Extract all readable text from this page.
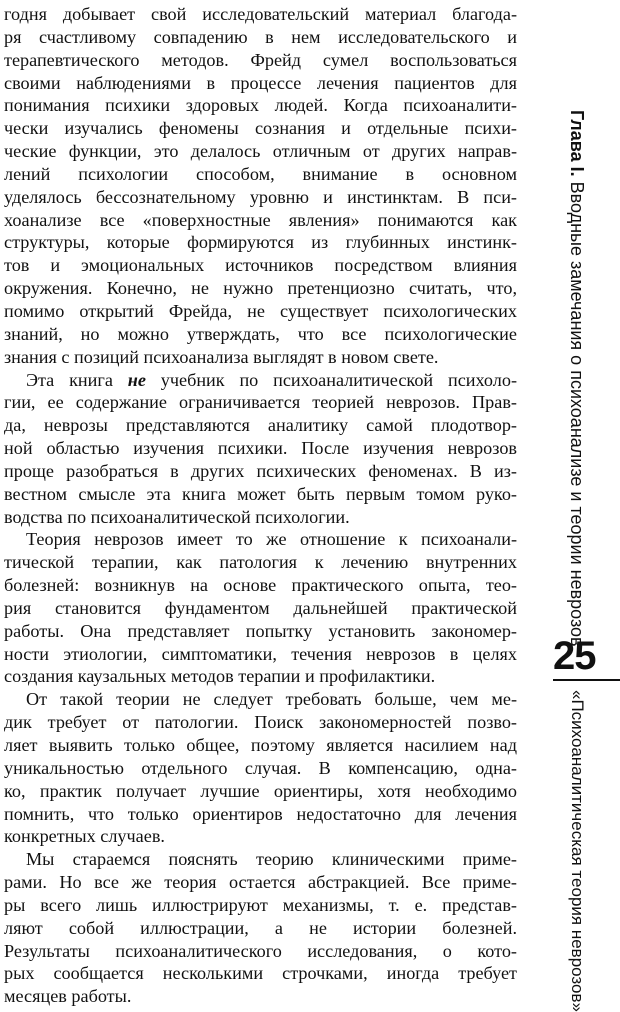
годня добывает свой исследовательский материал благода-
ря счастливому совпадению в нем исследовательского и
терапевтического методов. Фрейд сумел воспользоваться
своими наблюдениями в процессе лечения пациентов для
понимания психики здоровых людей. Когда психоаналити-
чески изучались феномены сознания и отдельные психи-
ческие функции, это делалось отличным от других направ-
лений психологии способом, внимание в основном
уделялось бессознательному уровню и инстинктам. В пси-
хоанализе все «поверхностные явления» понимаются как
структуры, которые формируются из глубинных инстинк-
тов и эмоциональных источников посредством влияния
окружения. Конечно, не нужно претенциозно считать, что,
помимо открытий Фрейда, не существует психологических
знаний, но можно утверждать, что все психологические
знания с позиций психоанализа выглядят в новом свете.
Эта книга не учебник по психоаналитической психоло-
гии, ее содержание ограничивается теорией неврозов. Прав-
да, неврозы представляются аналитику самой плодотвор-
ной областью изучения психики. После изучения неврозов
проще разобраться в других психических феноменах. В из-
вестном смысле эта книга может быть первым томом руко-
водства по психоаналитической психологии.
Теория неврозов имеет то же отношение к психоанали-
тической терапии, как патология к лечению внутренних
болезней: возникнув на основе практического опыта, тео-
рия становится фундаментом дальнейшей практической
работы. Она представляет попытку установить закономер-
ности этиологии, симптоматики, течения неврозов в целях
создания каузальных методов терапии и профилактики.
От такой теории не следует требовать больше, чем ме-
дик требует от патологии. Поиск закономерностей позво-
ляет выявить только общее, поэтому является насилием над
уникальностью отдельного случая. В компенсацию, одна-
ко, практик получает лучшие ориентиры, хотя необходимо
помнить, что только ориентиров недостаточно для лечения
конкретных случаев.
Мы стараемся пояснять теорию клиническими приме-
рами. Но все же теория остается абстракцией. Все приме-
ры всего лишь иллюстрируют механизмы, т. е. представ-
ляют собой иллюстрации, а не истории болезней.
Результаты психоаналитического исследования, о кото-
рых сообщается несколькими строчками, иногда требует
месяцев работы.
Глава I. Вводные замечания о психоанализе и теории неврозов
25
«Психоаналитическая теория неврозов»
